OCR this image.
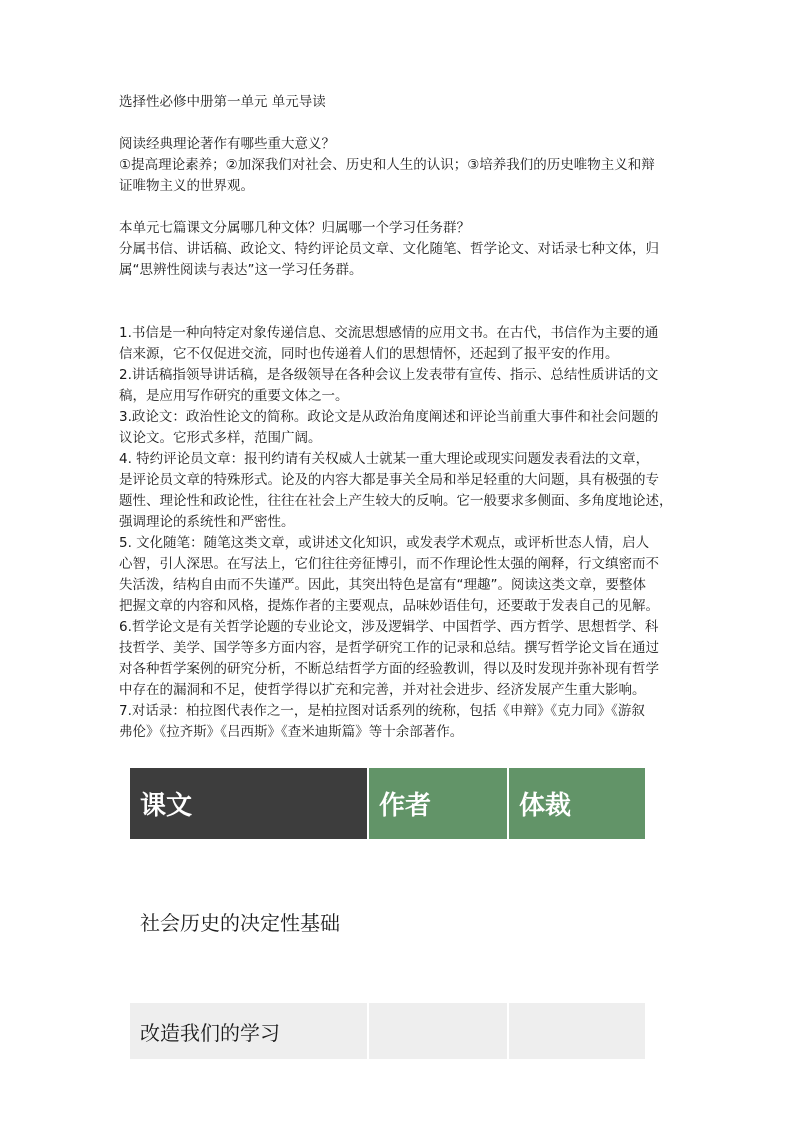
选择性必修中册第一单元 单元导读
阅读经典理论著作有哪些重大意义？
①提高理论素养；②加深我们对社会、历史和人生的认识；③培养我们的历史唯物主义和辩
证唯物主义的世界观。
本单元七篇课文分属哪几种文体？归属哪一个学习任务群？
分属书信、讲话稿、政论文、特约评论员文章、文化随笔、哲学论文、对话录七种文体，归
属“思辨性阅读与表达”这一学习任务群。
1.书信是一种向特定对象传递信息、交流思想感情的应用文书。在古代，书信作为主要的通
信来源，它不仅促进交流，同时也传递着人们的思想情怀，还起到了报平安的作用。
2.讲话稿指领导讲话稿，是各级领导在各种会议上发表带有宣传、指示、总结性质讲话的文
稿，是应用写作研究的重要文体之一。
3.政论文：政治性论文的简称。政论文是从政治角度阐述和评论当前重大事件和社会问题的
议论文。它形式多样，范围广阔。
4. 特约评论员文章：报刊约请有关权威人士就某一重大理论或现实问题发表看法的文章，
是评论员文章的特殊形式。论及的内容大都是事关全局和举足轻重的大问题，具有极强的专
题性、理论性和政论性，往往在社会上产生较大的反响。它一般要求多侧面、多角度地论述，
强调理论的系统性和严密性。
5. 文化随笔：随笔这类文章，或讲述文化知识，或发表学术观点，或评析世态人情，启人
心智，引人深思。在写法上，它们往往旁征博引，而不作理论性太强的阐释，行文缜密而不
失活泼，结构自由而不失谨严。因此，其突出特色是富有“理趣”。阅读这类文章，要整体
把握文章的内容和风格，提炼作者的主要观点，品味妙语佳句，还要敢于发表自己的见解。
6.哲学论文是有关哲学论题的专业论文，涉及逻辑学、中国哲学、西方哲学、思想哲学、科
技哲学、美学、国学等多方面内容，是哲学研究工作的记录和总结。撰写哲学论文旨在通过
对各种哲学案例的研究分析，不断总结哲学方面的经验教训，得以及时发现并弥补现有哲学
中存在的漏洞和不足，使哲学得以扩充和完善，并对社会进步、经济发展产生重大影响。
7.对话录：柏拉图代表作之一，是柏拉图对话系列的统称，包括《申辩》《克力同》《游叙
弗伦》《拉齐斯》《吕西斯》《查米迪斯篇》等十余部著作。
课文	作者	体裁

社会历史的决定性基础		

改造我们的学习		
